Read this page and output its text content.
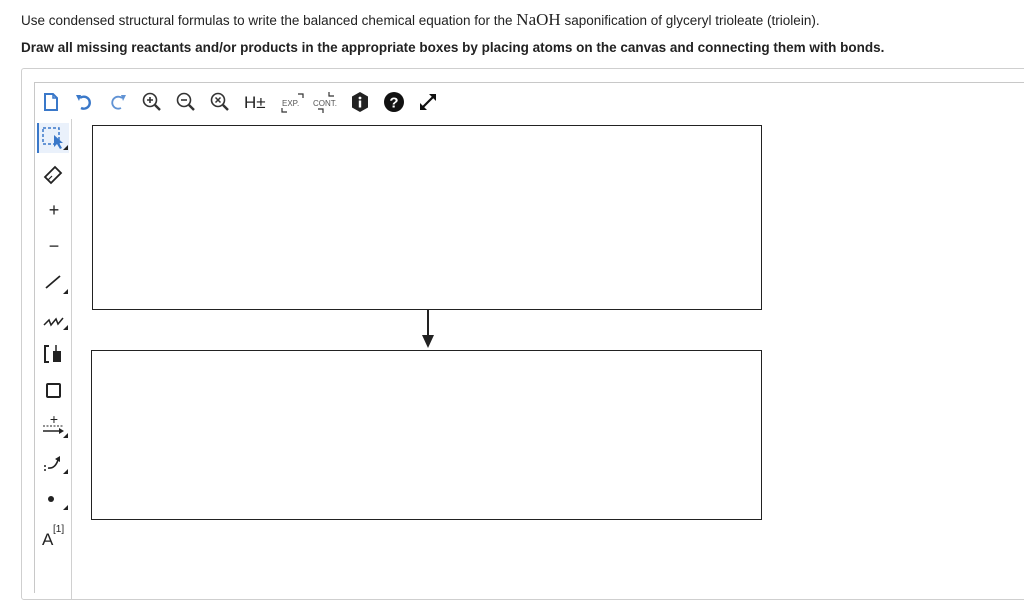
Use condensed structural formulas to write the balanced chemical equation for the NaOH saponification of glyceryl trioleate (triolein).
Draw all missing reactants and/or products in the appropriate boxes by placing atoms on the canvas and connecting them with bonds.
H± EXP. CONT.	?
+
−
+
A
[1]
